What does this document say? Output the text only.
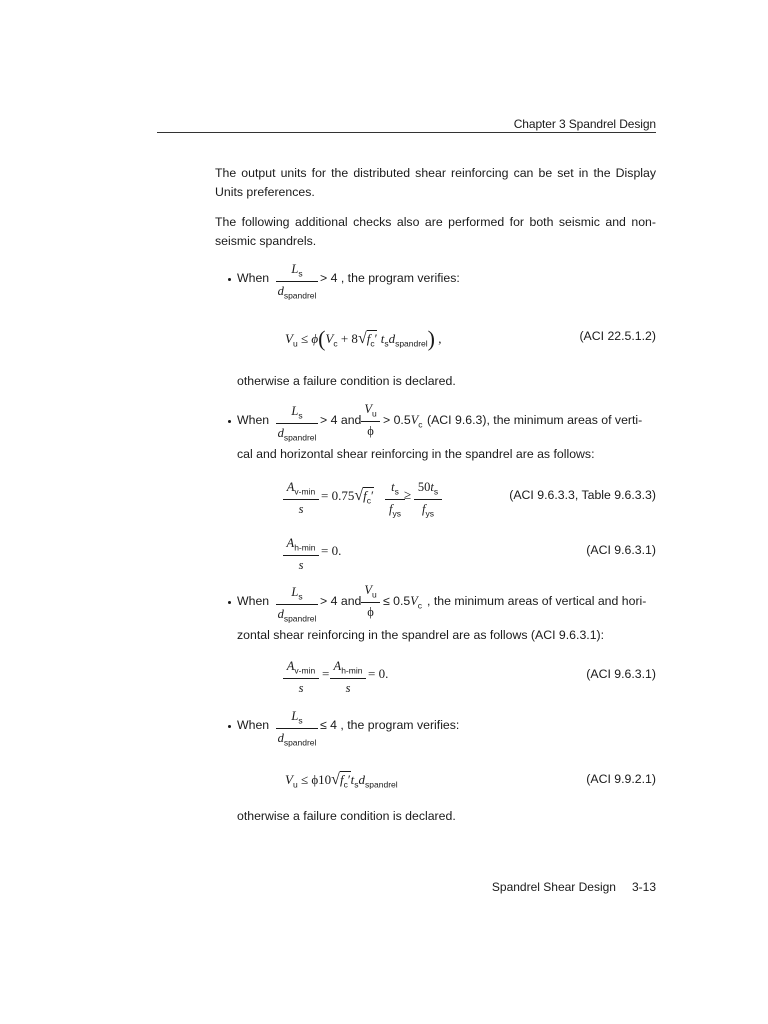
Chapter 3 Spandrel Design
The output units for the distributed shear reinforcing can be set in the Display Units preferences.
The following additional checks also are performed for both seismic and non-seismic spandrels.
When
$L_s$
$d_{spandrel}$
> 4 , the program verifies:
$V_u \le \phi(V_c + 8√f_c'$ $t_sd_{spandrel}$) ,	(ACI 22.5.1.2)
otherwise a failure condition is declared.
When
$L_s$
$d_{spandrel}$
> 4 and
$V_u$
ϕ
> $0.5V_c$ (ACI 9.6.3), the minimum areas of verti-
cal and horizontal shear reinforcing in the spandrel are as follows:
$A_{v-min}$
s
= $0.75√f_c'$
$t_s$
$f_{ys}$
≥ $50t_s$
$f_{ys}$
(ACI 9.6.3.3, Table 9.6.3.3)
$A_{h-min}$
s
= 0.	(ACI 9.6.3.1)
When
$L_s$
$d_{spandrel}$
> 4 and
$V_u$
ϕ
≤ $0.5V_c$ , the minimum areas of vertical and hori-
zontal shear reinforcing in the spandrel are as follows (ACI 9.6.3.1):
$A_{v-min}$
s
= $A_{h-min}$
s
= 0.	(ACI 9.6.3.1)
When
$L_s$
$d_{spandrel}$
≤ 4 , the program verifies:
$V_u \le \phi 10√f_c't_sd_{spandrel}$	(ACI 9.9.2.1)
otherwise a failure condition is declared.
Spandrel Shear Design 3-13
